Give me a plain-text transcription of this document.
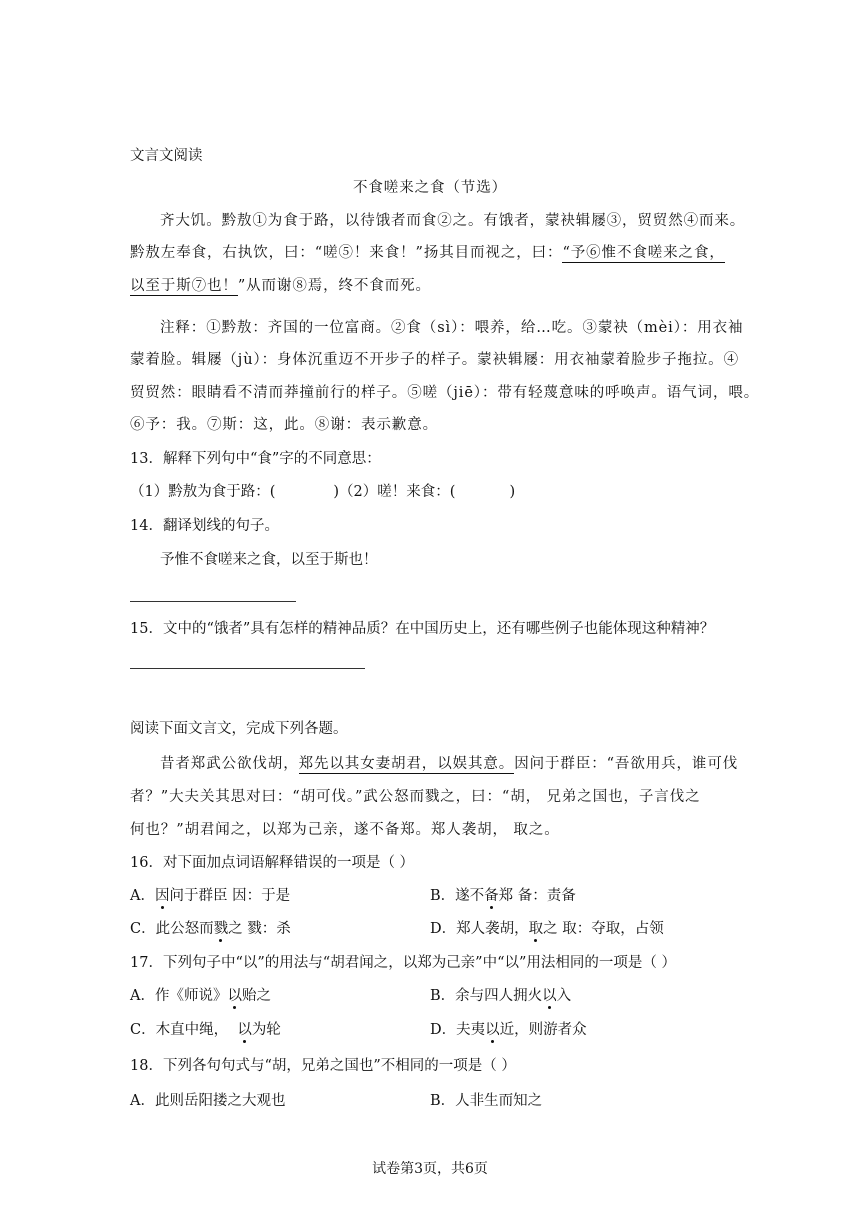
文言文阅读
不食嗟来之食（节选）
齐大饥。黔敖①为食于路，以待饿者而食②之。有饿者，蒙袂辑屦③，贸贸然④而来。
黔敖左奉食，右执饮，曰：“嗟⑤！来食！”扬其目而视之，曰：“予⑥惟不食嗟来之食，
以至于斯⑦也！”从而谢⑧焉，终不食而死。
注释：①黔敖：齐国的一位富商。②食（sì）：喂养，给…吃。③蒙袂（mèi）：用衣袖
蒙着脸。辑屦（jù）：身体沉重迈不开步子的样子。蒙袂辑屦：用衣袖蒙着脸步子拖拉。④
贸贸然：眼睛看不清而莽撞前行的样子。⑤嗟（jiē）：带有轻蔑意味的呼唤声。语气词，喂。
⑥予：我。⑦斯：这，此。⑧谢：表示歉意。
13．解释下列句中“食”字的不同意思：
（1）黔敖为食于路：(	)（2）嗟！来食：(	)
14．翻译划线的句子。
予惟不食嗟来之食，以至于斯也！
15．文中的“饿者”具有怎样的精神品质？在中国历史上，还有哪些例子也能体现这种精神？
阅读下面文言文，完成下列各题。
昔者郑武公欲伐胡，郑先以其女妻胡君，以娱其意。因问于群臣：“吾欲用兵，谁可伐
者？”大夫关其思对曰：“胡可伐。”武公怒而戮之，曰：“胡， 兄弟之国也，子言伐之
何也？”胡君闻之，以郑为己亲，遂不备郑。郑人袭胡， 取之。
16．对下面加点词语解释错误的一项是（ ）
A．因问于群臣 因：于是	B．遂不备郑 备：责备
C．此公怒而戮之 戮：杀	D．郑人袭胡，取之 取：夺取，占领
17．下列句子中“以”的用法与“胡君闻之，以郑为己亲”中“以”用法相同的一项是（ ）
A．作《师说》以贻之	B．余与四人拥火以入
C．木直中绳，  以为轮	D．夫夷以近，则游者众
18．下列各句句式与“胡，兄弟之国也”不相同的一项是（ ）
A．此则岳阳搂之大观也	B．人非生而知之
试卷第3页，共6页
